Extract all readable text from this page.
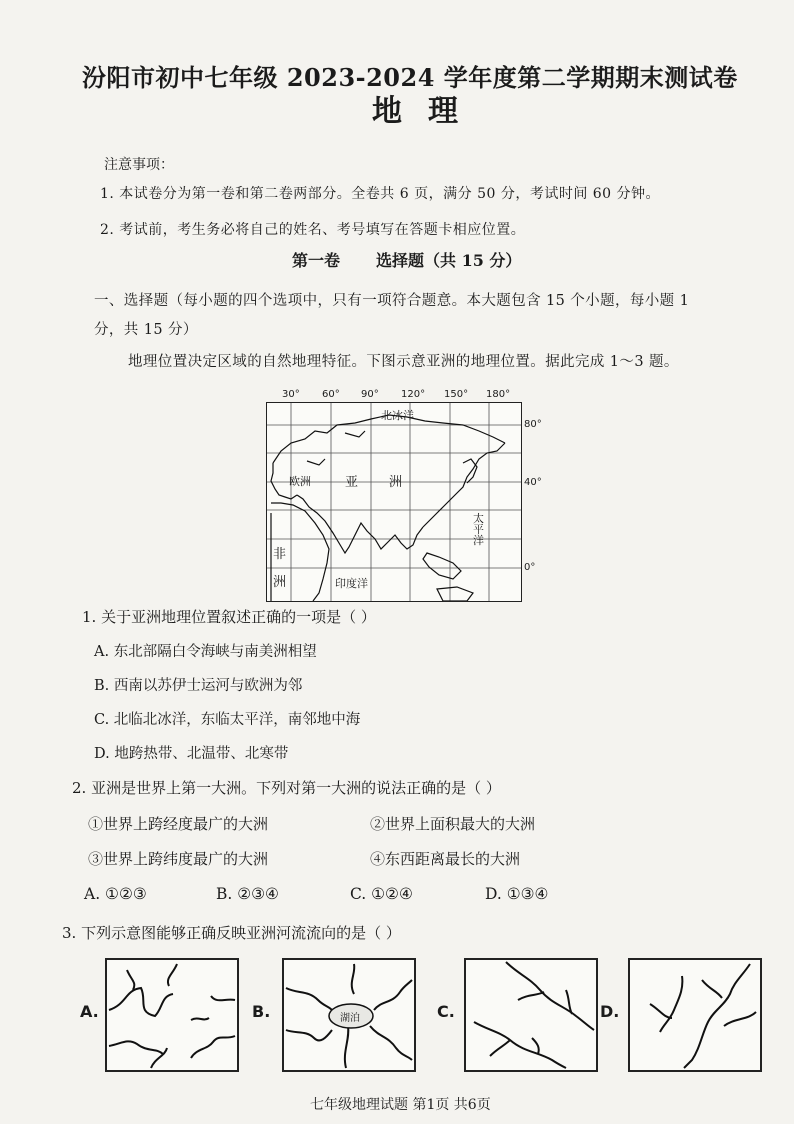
汾阳市初中七年级 2023-2024 学年度第二学期期末测试卷
地理
注意事项：
1. 本试卷分为第一卷和第二卷两部分。全卷共 6 页，满分 50 分，考试时间 60 分钟。
2. 考试前，考生务必将自己的姓名、考号填写在答题卡相应位置。
第一卷 选择题（共 15 分）
一、选择题（每小题的四个选项中，只有一项符合题意。本大题包含 15 个小题，每小题 1
分，共 15 分）
地理位置决定区域的自然地理特征。下图示意亚洲的地理位置。据此完成 1～3 题。
30° 60° 90° 120° 150° 180°
80°
40°
0°
北冰洋
欧洲	亚 洲
太平洋
非
洲	印度洋
1. 关于亚洲地理位置叙述正确的一项是（ ）
A. 东北部隔白令海峡与南美洲相望
B. 西南以苏伊士运河与欧洲为邻
C. 北临北冰洋，东临太平洋，南邻地中海
D. 地跨热带、北温带、北寒带
2. 亚洲是世界上第一大洲。下列对第一大洲的说法正确的是（ ）
①世界上跨经度最广的大洲	②世界上面积最大的大洲
③世界上跨纬度最广的大洲	④东西距离最长的大洲
A. ①②③	B. ②③④	C. ①②④	D. ①③④
3. 下列示意图能够正确反映亚洲河流流向的是（ ）
A.	B.	湖泊	C.	D.
七年级地理试题 第1页 共6页
